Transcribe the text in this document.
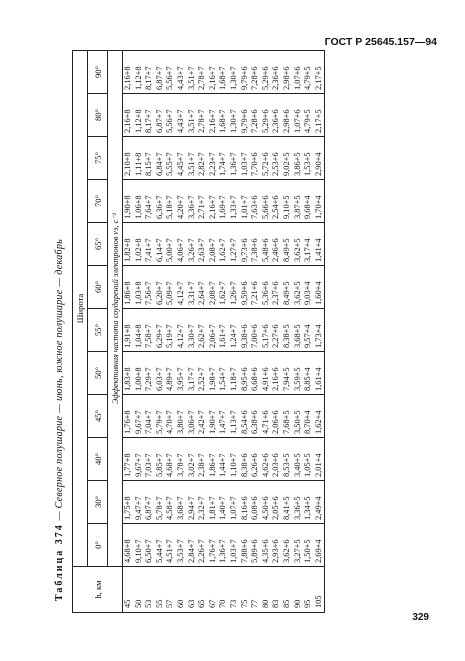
ГОСТ Р 25645.157—94
329
Таблица 374 — Северное полушарие — июнь, южное полушарие — декабрь
h, км	Широта											
	0°	30°	40°	45°	50°	55°	60°	65°	70°	75°	80°	90°
	Эффективная частота соударений электронов νэ, с⁻¹											
45	4,68+8	1,75+8	1,77+8	1,76+8	1,83+8	1,91+8	1,86+8	1,82+8	1,90+8	2,10+8	2,16+8	2,16+8
50	9,10+7	9,47+7	9,67+7	9,67+7	1,00+8	1,04+8	1,03+8	1,02+8	1,06+8	1,11+8	1,12+8	1,12+8
53	6,50+7	6,87+7	7,03+7	7,04+7	7,29+7	7,58+7	7,56+7	7,41+7	7,64+7	8,15+7	8,17+7	8,17+7
55	5,44+7	5,78+7	5,85+7	5,79+7	6,03+7	6,29+7	6,20+7	6,14+7	6,36+7	6,84+7	6,87+7	6,87+7
57	4,51+7	4,58+7	4,68+7	4,70+7	4,89+7	5,19+7	5,09+7	5,00+7	5,18+7	5,55+7	5,56+7	5,56+7
60	3,53+7	3,68+7	3,78+7	3,80+7	3,95+7	4,12+7	4,12+7	4,06+7	4,20+7	4,45+7	4,43+7	4,43+7
63	2,84+7	2,94+7	3,02+7	3,06+7	3,17+7	3,30+7	3,31+7	3,26+7	3,36+7	3,51+7	3,51+7	3,51+7
65	2,26+7	2,32+7	2,38+7	2,42+7	2,52+7	2,62+7	2,64+7	2,63+7	2,71+7	2,82+7	2,78+7	2,78+7
67	1,76+7	1,81+7	1,86+7	1,90+7	1,98+7	2,06+7	2,08+7	2,08+7	2,16+7	2,23+7	2,16+7	2,16+7
70	1,36+7	1,40+7	1,44+7	1,47+7	1,54+7	1,61+7	1,62+7	1,62+7	1,69+7	1,74+7	1,68+7	1,68+7
73	1,03+7	1,07+7	1,10+7	1,13+7	1,18+7	1,24+7	1,26+7	1,27+7	1,33+7	1,36+7	1,30+7	1,30+7
75	7,88+6	8,16+6	8,38+6	8,54+6	8,95+6	9,38+6	9,59+6	9,73+6	1,01+7	1,03+7	9,79+6	9,79+6
77	5,89+6	6,08+6	6,26+6	6,38+6	6,68+6	7,00+6	7,21+6	7,38+6	7,63+6	7,70+6	7,28+6	7,28+6
80	4,35+6	4,50+6	4,62+6	4,71+6	4,91+6	5,17+6	5,36+6	5,48+6	5,66+6	5,72+6	5,29+6	5,29+6
83	2,93+6	2,05+6	2,03+6	2,06+6	2,16+6	2,27+6	2,37+6	2,46+6	2,54+6	2,53+6	2,36+6	2,36+6
85	3,62+6	8,41+5	8,53+5	7,68+5	7,94+5	8,38+5	8,49+5	8,49+5	9,10+5	9,02+5	2,98+6	2,98+6
90	3,27+5	3,36+5	3,40+5	3,50+5	3,59+5	3,68+5	3,62+5	3,62+5	3,87+5	3,86+5	1,07+6	1,07+6
95	1,50+5	1,34+5	1,05+5	8,70+4	8,85+4	9,57+4	9,03+4	3,17+4	9,68+4	1,53+5	4,79+5	4,79+5
105	2,69+4	2,49+4	2,01+4	1,62+4	1,61+4	1,73+4	1,60+4	1,41+4	1,70+4	2,90+4	2,17+5	2,17+5
